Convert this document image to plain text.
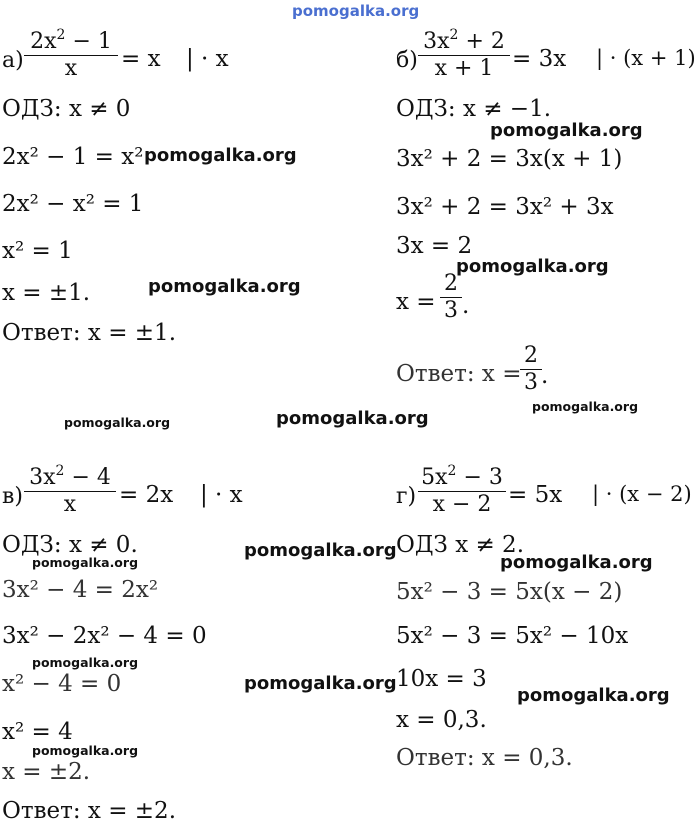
pomogalka.org
а)
$2x^2 - 1$
x	= x | · x
ОДЗ: x ≠ 0
2x² − 1 = x²
2x² − x² = 1
x² = 1
x = ±1.
Ответ: x = ±1.
б)
$3x^2 + 2$
x + 1 = 3x | · (x + 1)
ОДЗ: x ≠ −1.
3x² + 2 = 3x(x + 1)
3x² + 2 = 3x² + 3x
3x = 2
x =
2
3 .
Ответ: x =
2
3 .
в)
$3x^2 - 4$
x	= 2x | · x
ОДЗ: x ≠ 0.
3x² − 4 = 2x²
3x² − 2x² − 4 = 0
x² − 4 = 0
x² = 4
x = ±2.
Ответ: x = ±2.
г)
$5x^2 - 3$
x − 2 = 5x | · (x − 2)
ОДЗ x ≠ 2.
5x² − 3 = 5x(x − 2)
5x² − 3 = 5x² − 10x
10x = 3
x = 0,3.
Ответ: x = 0,3.
pomogalka.org
pomogalka.org
pomogalka.org
pomogalka.org
pomogalka.org
pomogalka.org	pomogalka.org
pomogalka.org
pomogalka.org	pomogalka.org
pomogalka.org
pomogalka.org
pomogalka.org
pomogalka.org
